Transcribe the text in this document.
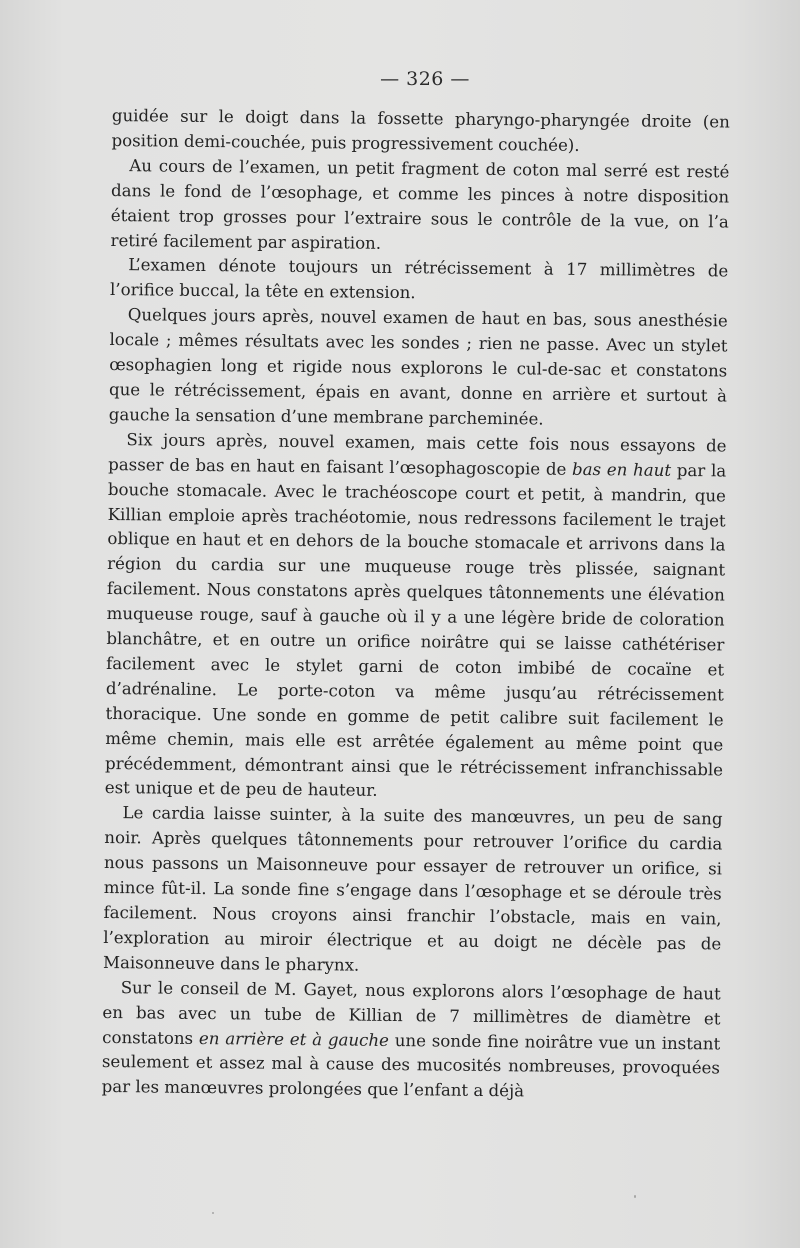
— 326 —

guidée sur le doigt dans la fossette pharyngo-pharyngée droite (en position demi-couchée, puis progressivement couchée).

Au cours de l’examen, un petit fragment de coton mal serré est resté dans le fond de l’œsophage, et comme les pinces à notre disposition étaient trop grosses pour l’extraire sous le contrôle de la vue, on l’a retiré facilement par aspiration.

L’examen dénote toujours un rétrécissement à 17 millimètres de l’orifice buccal, la tête en extension.

Quelques jours après, nouvel examen de haut en bas, sous anesthésie locale ; mêmes résultats avec les sondes ; rien ne passe. Avec un stylet œsophagien long et rigide nous explorons le cul-de-sac et constatons que le rétrécissement, épais en avant, donne en arrière et surtout à gauche la sensation d’une membrane parcheminée.

Six jours après, nouvel examen, mais cette fois nous essayons de passer de bas en haut en faisant l’œsophagoscopie de bas en haut par la bouche stomacale. Avec le trachéoscope court et petit, à mandrin, que Killian emploie après trachéotomie, nous redressons facilement le trajet oblique en haut et en dehors de la bouche stomacale et arrivons dans la région du cardia sur une muqueuse rouge très plissée, saignant facilement. Nous constatons après quelques tâtonnements une élévation muqueuse rouge, sauf à gauche où il y a une légère bride de coloration blanchâtre, et en outre un orifice noirâtre qui se laisse cathétériser facilement avec le stylet garni de coton imbibé de cocaïne et d’adrénaline. Le porte-coton va même jusqu’au rétrécissement thoracique. Une sonde en gomme de petit calibre suit facilement le même chemin, mais elle est arrêtée également au même point que précédemment, démontrant ainsi que le rétrécissement infranchissable est unique et de peu de hauteur.

Le cardia laisse suinter, à la suite des manœuvres, un peu de sang noir. Après quelques tâtonnements pour retrouver l’orifice du cardia nous passons un Maisonneuve pour essayer de retrouver un orifice, si mince fût-il. La sonde fine s’engage dans l’œsophage et se déroule très facilement. Nous croyons ainsi franchir l’obstacle, mais en vain, l’exploration au miroir électrique et au doigt ne décèle pas de Maisonneuve dans le pharynx.

Sur le conseil de M. Gayet, nous explorons alors l’œsophage de haut en bas avec un tube de Killian de 7 millimètres de diamètre et constatons en arrière et à gauche une sonde fine noirâtre vue un instant seulement et assez mal à cause des mucosités nombreuses, provoquées par les manœuvres prolongées que l’enfant a déjà
